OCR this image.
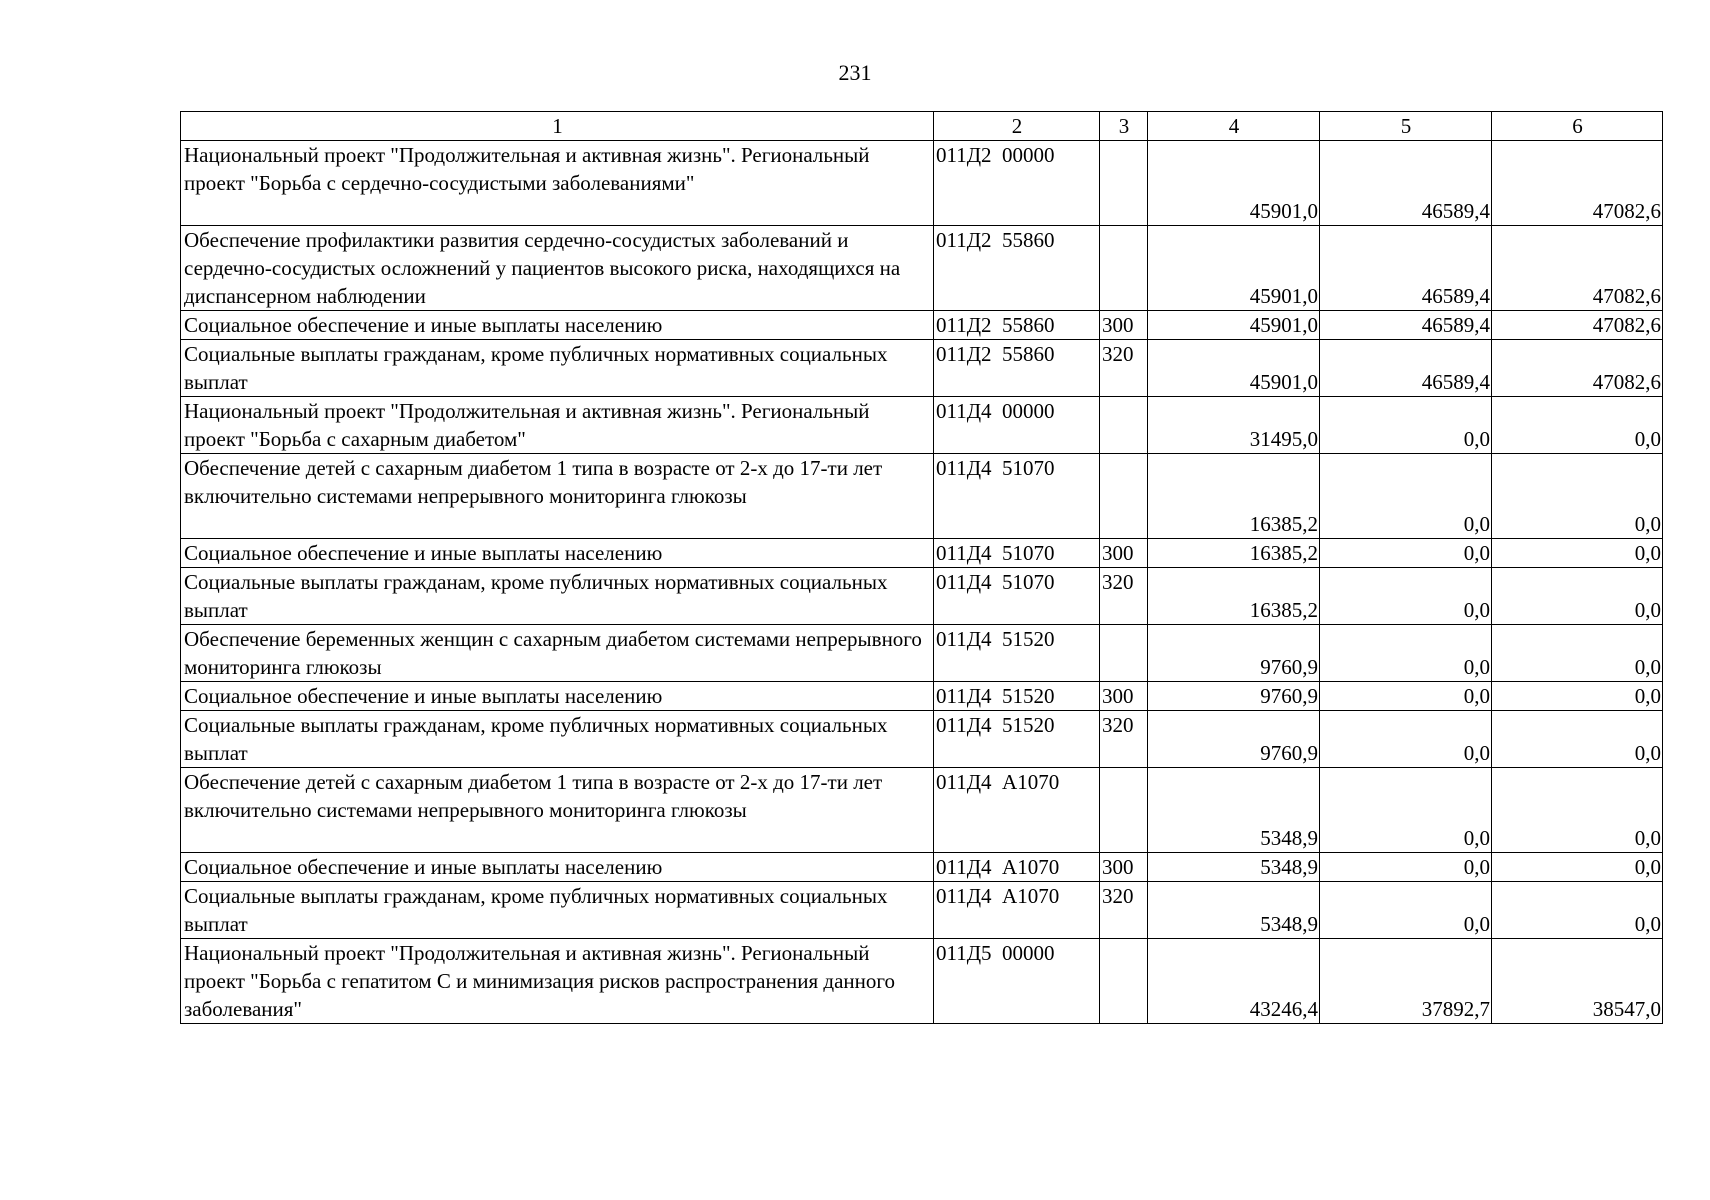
231
1	2	3	4	5	6
Национальный проект "Продолжительная и активная жизнь". Региональный проект "Борьба с сердечно-сосудистыми заболеваниями"	011Д2  00000		45901,0	46589,4	47082,6
Обеспечение профилактики развития сердечно-сосудистых заболеваний и сердечно-сосудистых осложнений у пациентов высокого риска, находящихся на диспансерном наблюдении	011Д2  55860		45901,0	46589,4	47082,6
Социальное обеспечение и иные выплаты населению	011Д2  55860	300	45901,0	46589,4	47082,6
Социальные выплаты гражданам, кроме публичных нормативных социальных выплат	011Д2  55860	320	45901,0	46589,4	47082,6
Национальный проект "Продолжительная и активная жизнь". Региональный проект "Борьба с сахарным диабетом"	011Д4  00000		31495,0	0,0	0,0
Обеспечение детей с сахарным диабетом 1 типа в возрасте от 2-х до 17-ти лет включительно системами непрерывного мониторинга глюкозы	011Д4  51070		16385,2	0,0	0,0
Социальное обеспечение и иные выплаты населению	011Д4  51070	300	16385,2	0,0	0,0
Социальные выплаты гражданам, кроме публичных нормативных социальных выплат	011Д4  51070	320	16385,2	0,0	0,0
Обеспечение беременных женщин с сахарным диабетом системами непрерывного мониторинга глюкозы	011Д4  51520		9760,9	0,0	0,0
Социальное обеспечение и иные выплаты населению	011Д4  51520	300	9760,9	0,0	0,0
Социальные выплаты гражданам, кроме публичных нормативных социальных выплат	011Д4  51520	320	9760,9	0,0	0,0
Обеспечение детей с сахарным диабетом 1 типа в возрасте от 2-х до 17-ти лет включительно системами непрерывного мониторинга глюкозы	011Д4  А1070		5348,9	0,0	0,0
Социальное обеспечение и иные выплаты населению	011Д4  А1070	300	5348,9	0,0	0,0
Социальные выплаты гражданам, кроме публичных нормативных социальных выплат	011Д4  А1070	320	5348,9	0,0	0,0
Национальный проект "Продолжительная и активная жизнь". Региональный проект "Борьба с гепатитом С и минимизация рисков распространения данного заболевания"	011Д5  00000		43246,4	37892,7	38547,0
